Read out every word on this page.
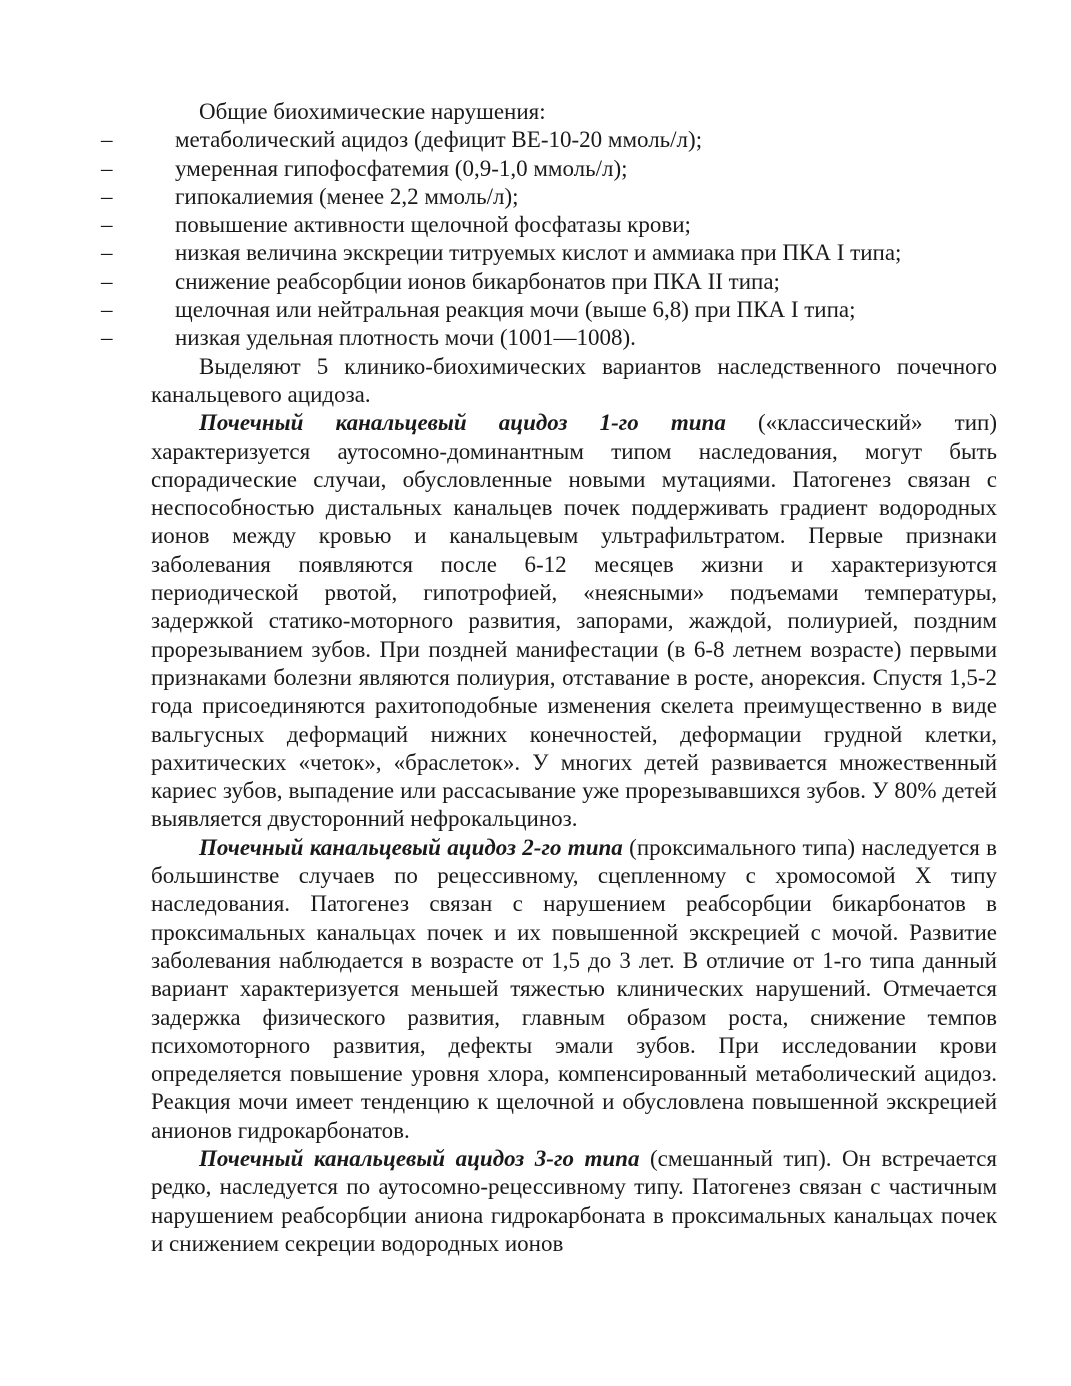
Общие биохимические нарушения:

–	метаболический ацидоз (дефицит ВЕ-10-20 ммоль/л);
–	умеренная гипофосфатемия (0,9-1,0 ммоль/л);
–	гипокалиемия (менее 2,2 ммоль/л);
–	повышение активности щелочной фосфатазы крови;
–	низкая величина экскреции титруемых кислот и аммиака при ПКА I типа;
–	снижение реабсорбции ионов бикарбонатов при ПКА II типа;
–	щелочная или нейтральная реакция мочи (выше 6,8) при ПКА I типа;
–	низкая удельная плотность мочи (1001—1008).

Выделяют 5 клинико-биохимических вариантов наследственного почечного канальцевого ацидоза.

Почечный канальцевый ацидоз 1-го типа («классический» тип) характеризуется аутосомно-доминантным типом наследования, могут быть спорадические случаи, обусловленные новыми мутациями. Патогенез связан с неспособностью дистальных канальцев почек поддерживать градиент водородных ионов между кровью и канальцевым ультрафильтратом. Первые признаки заболевания появляются после 6-12 месяцев жизни и характеризуются периодической рвотой, гипотрофией, «неясными» подъемами температуры, задержкой статико-моторного развития, запорами, жаждой, полиурией, поздним прорезыванием зубов. При поздней манифестации (в 6-8 летнем возрасте) первыми признаками болезни являются полиурия, отставание в росте, анорексия. Спустя 1,5-2 года присоединяются рахитоподобные изменения скелета преимущественно в виде вальгусных деформаций нижних конечностей, деформации грудной клетки, рахитических «четок», «браслеток». У многих детей развивается множественный кариес зубов, выпадение или рассасывание уже прорезывавшихся зубов. У 80% детей выявляется двусторонний нефрокальциноз.

Почечный канальцевый ацидоз 2-го типа (проксимального типа) наследуется в большинстве случаев по рецессивному, сцепленному с хромосомой X типу наследования. Патогенез связан с нарушением реабсорбции бикарбонатов в проксимальных канальцах почек и их повышенной экскрецией с мочой. Развитие заболевания наблюдается в возрасте от 1,5 до 3 лет. В отличие от 1-го типа данный вариант характеризуется меньшей тяжестью клинических нарушений. Отмечается задержка физического развития, главным образом роста, снижение темпов психомоторного развития, дефекты эмали зубов. При исследовании крови определяется повышение уровня хлора, компенсированный метаболический ацидоз. Реакция мочи имеет тенденцию к щелочной и обусловлена повышенной экскрецией анионов гидрокарбонатов.

Почечный канальцевый ацидоз 3-го типа (смешанный тип). Он встречается редко, наследуется по аутосомно-рецессивному типу. Патогенез связан с частичным нарушением реабсорбции аниона гидрокарбоната в проксимальных канальцах почек и снижением секреции водородных ионов
